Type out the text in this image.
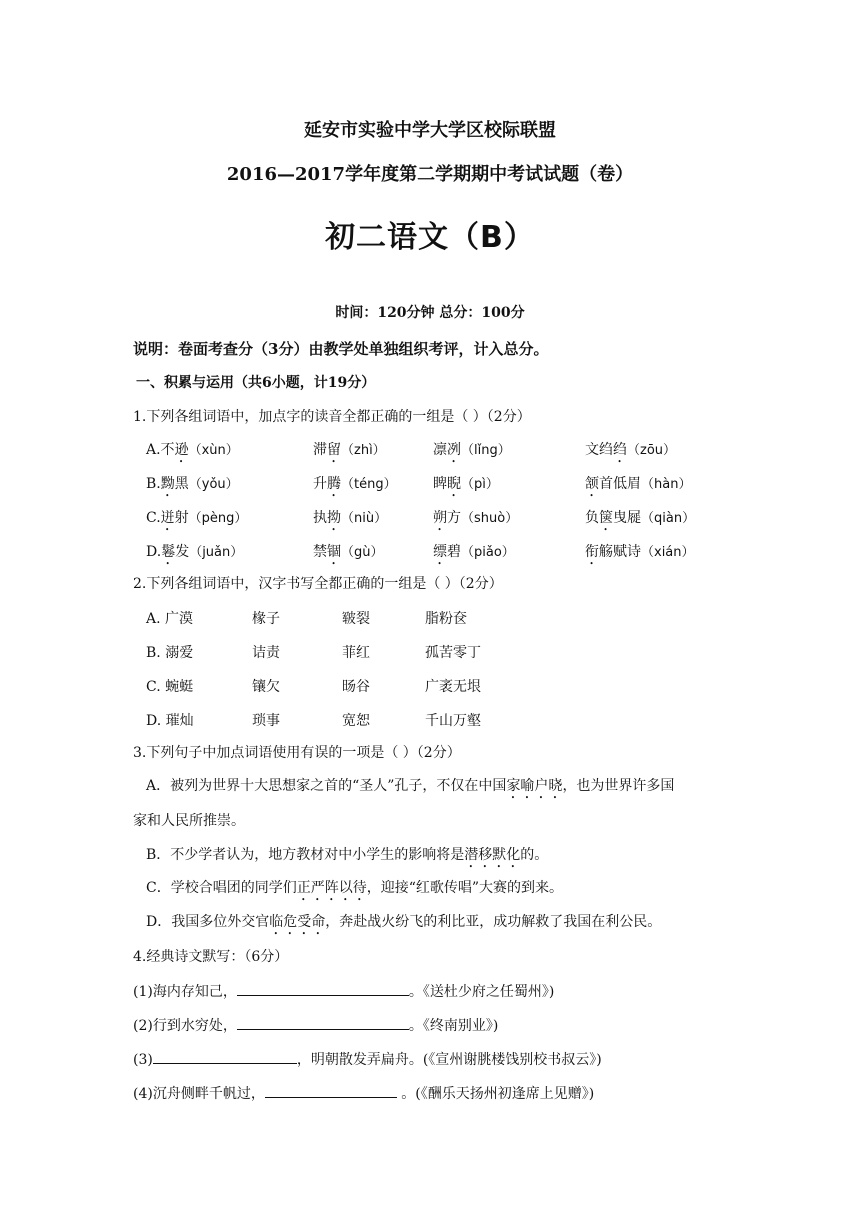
延安市实验中学大学区校际联盟
2016—2017学年度第二学期期中考试试题（卷）
初二语文（B）
时间：120分钟 总分：100分
说明：卷面考查分（3分）由教学处单独组织考评，计入总分。
一、积累与运用（共6小题，计19分）
1.下列各组词语中，加点字的读音全都正确的一组是（ ）（2分）
A.不逊（xùn）	滞留（zhì）	凛冽（lǐng）	文绉绉（zōu）
B.黝黑（yǒu）	升腾（téng）	睥睨（pì）	颔首低眉（hàn）
C.迸射（pèng）	执拗（niù）	朔方（shuò）	负箧曳屣（qiàn）
D.鬈发（juǎn）	禁锢（gù）	缥碧（piǎo）	衔觞赋诗（xián）
2.下列各组词语中，汉字书写全都正确的一组是（ ）（2分）
A. 广漠	椽子	皲裂	脂粉奁
B. 溺爱	诘责	菲红	孤苦零丁
C. 蜿蜓	镶欠	旸谷	广袤无垠
D. 璀灿	琐事	宽恕	千山万壑
3.下列句子中加点词语使用有误的一项是（ ）（2分）
A．被列为世界十大思想家之首的“圣人”孔子，不仅在中国家喻户晓，也为世界许多国
家和人民所推崇。
B．不少学者认为，地方教材对中小学生的影响将是潜移默化的。
C．学校合唱团的同学们正严阵以待，迎接“红歌传唱”大赛的到来。
D．我国多位外交官临危受命，奔赴战火纷飞的利比亚，成功解救了我国在利公民。
4.经典诗文默写：（6分）
(1)海内存知己，	。《送杜少府之任蜀州》)
(2)行到水穷处，	。《终南别业》)
(3)	，明朝散发弄扁舟。(《宣州谢朓楼饯别校书叔云》)
(4)沉舟侧畔千帆过，	。(《酬乐天扬州初逢席上见赠》)
